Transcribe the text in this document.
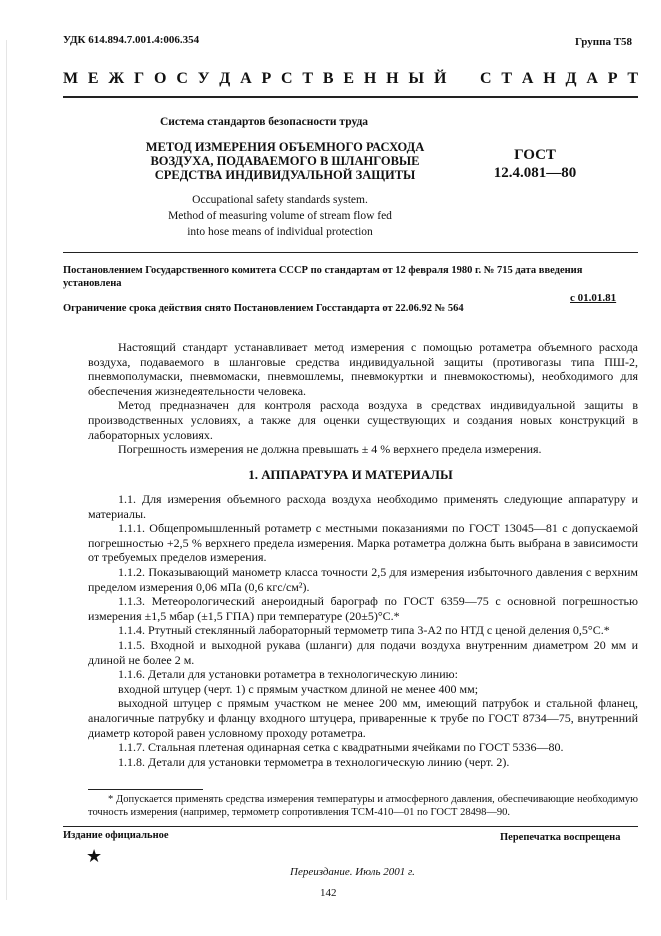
УДК 614.894.7.001.4:006.354	Группа Т58
М Е Ж Г О С У Д А Р С Т В Е Н Н Ы Й С Т А Н Д А Р Т
Система стандартов безопасности труда
МЕТОД ИЗМЕРЕНИЯ ОБЪЕМНОГО РАСХОДА
ВОЗДУХА, ПОДАВАЕМОГО В ШЛАНГОВЫЕ
СРЕДСТВА ИНДИВИДУАЛЬНОЙ ЗАЩИТЫ
ГОСТ
12.4.081—80
Occupational safety standards system.
Method of measuring volume of stream flow fed
into hose means of individual protection
Постановлением Государственного комитета СССР по стандартам от 12 февраля 1980 г. № 715 дата введения установлена
с 01.01.81
Ограничение срока действия снято Постановлением Госстандарта от 22.06.92 № 564

Настоящий стандарт устанавливает метод измерения с помощью ротаметра объемного расхода воздуха, подаваемого в шланговые средства индивидуальной защиты (противогазы типа ПШ-2, пневмополумаски, пневмомаски, пневмошлемы, пневмокуртки и пневмокостюмы), необходимого для обеспечения жизнедеятельности человека.

Метод предназначен для контроля расхода воздуха в средствах индивидуальной защиты в производственных условиях, а также для оценки существующих и создания новых конструкций в лабораторных условиях.

Погрешность измерения не должна превышать ± 4 % верхнего предела измерения.

1. АППАРАТУРА И МАТЕРИАЛЫ

1.1. Для измерения объемного расхода воздуха необходимо применять следующие аппаратуру и материалы.

1.1.1. Общепромышленный ротаметр с местными показаниями по ГОСТ 13045—81 с допускаемой погрешностью +2,5 % верхнего предела измерения. Марка ротаметра должна быть выбрана в зависимости от требуемых пределов измерения.

1.1.2. Показывающий манометр класса точности 2,5 для измерения избыточного давления с верхним пределом измерения 0,06 мПа (0,6 кгс/см²).

1.1.3. Метеорологический анероидный барограф по ГОСТ 6359—75 с основной погрешностью измерения ±1,5 мбар (±1,5 ГПА) при температуре (20±5)°С.*

1.1.4. Ртутный стеклянный лабораторный термометр типа 3-А2 по НТД с ценой деления 0,5°С.*

1.1.5. Входной и выходной рукава (шланги) для подачи воздуха внутренним диаметром 20 мм и длиной не более 2 м.

1.1.6. Детали для установки ротаметра в технологическую линию:

входной штуцер (черт. 1) с прямым участком длиной не менее 400 мм;

выходной штуцер с прямым участком не менее 200 мм, имеющий патрубок и стальной фланец, аналогичные патрубку и фланцу входного штуцера, приваренные к трубе по ГОСТ 8734—75, внутренний диаметр которой равен условному проходу ротаметра.

1.1.7. Стальная плетеная одинарная сетка с квадратными ячейками по ГОСТ 5336—80.

1.1.8. Детали для установки термометра в технологическую линию (черт. 2).

* Допускается применять средства измерения температуры и атмосферного давления, обеспечивающие необходимую точность измерения (например, термометр сопротивления ТСМ-410—01 по ГОСТ 28498—90.
Издание официальное	Перепечатка воспрещена
★
Переиздание. Июль 2001 г.
142
